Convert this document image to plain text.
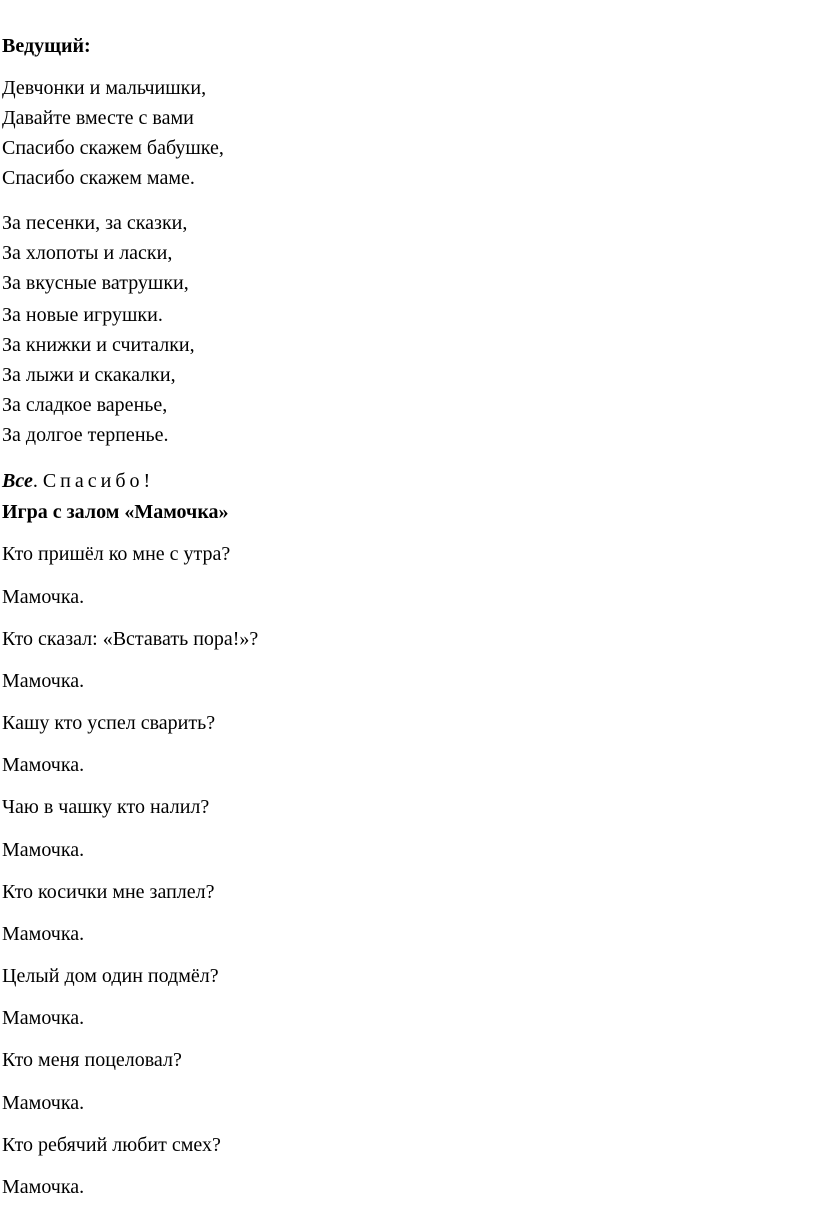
Ведущий:
Девчонки и мальчишки,
Давайте вместе с вами
Спасибо скажем бабушке,
Спасибо скажем маме.
За песенки, за сказки,
За хлопоты и ласки,
За вкусные ватрушки,
За новые игрушки.
За книжки и считалки,
За лыжи и скакалки,
За сладкое варенье,
За долгое терпенье.
Все. Спасибо!
Игра с залом «Мамочка»
Кто пришёл ко мне с утра?
Мамочка.
Кто сказал: «Вставать пора!»?
Мамочка.
Кашу кто успел сварить?
Мамочка.
Чаю в чашку кто налил?
Мамочка.
Кто косички мне заплел?
Мамочка.
Целый дом один подмёл?
Мамочка.
Кто меня поцеловал?
Мамочка.
Кто ребячий любит смех?
Мамочка.
